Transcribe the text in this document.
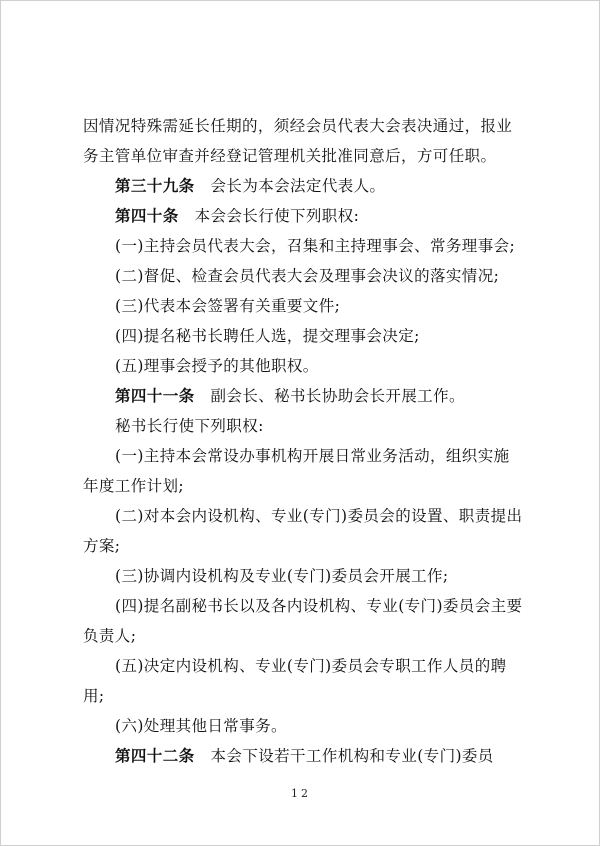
因情况特殊需延长任期的，须经会员代表大会表决通过，报业
务主管单位审查并经登记管理机关批准同意后，方可任职。
第三十九条 会长为本会法定代表人。
第四十条 本会会长行使下列职权:
(一)主持会员代表大会，召集和主持理事会、常务理事会;
(二)督促、检查会员代表大会及理事会决议的落实情况;
(三)代表本会签署有关重要文件;
(四)提名秘书长聘任人选，提交理事会决定;
(五)理事会授予的其他职权。
第四十一条 副会长、秘书长协助会长开展工作。
秘书长行使下列职权:
(一)主持本会常设办事机构开展日常业务活动，组织实施
年度工作计划;
(二)对本会内设机构、专业(专门)委员会的设置、职责提出
方案;
(三)协调内设机构及专业(专门)委员会开展工作;
(四)提名副秘书长以及各内设机构、专业(专门)委员会主要
负责人;
(五)决定内设机构、专业(专门)委员会专职工作人员的聘
用;
(六)处理其他日常事务。
第四十二条 本会下设若干工作机构和专业(专门)委员
12
